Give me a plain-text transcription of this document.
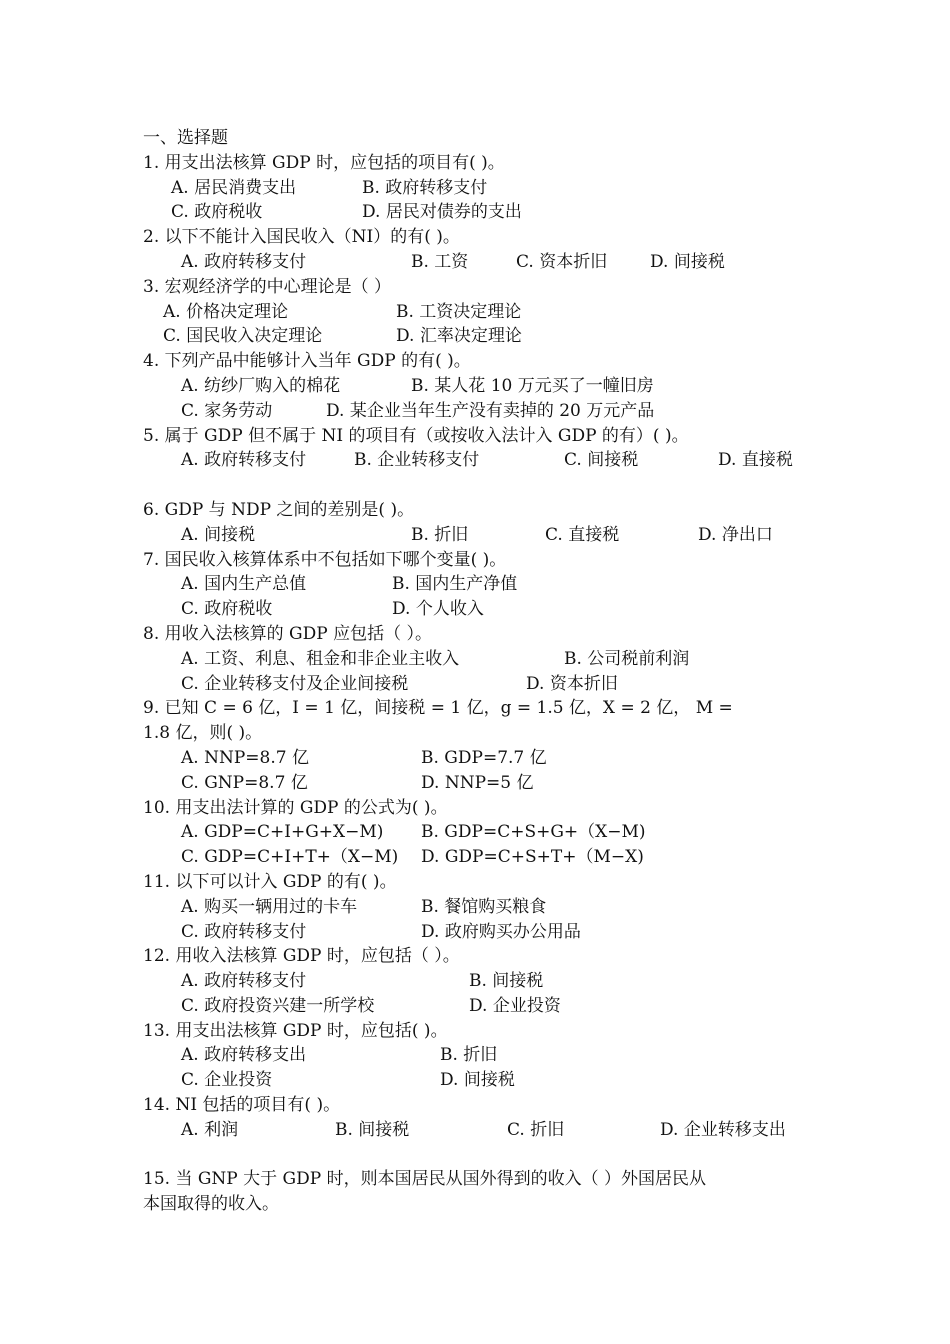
一、选择题
1. 用支出法核算 GDP 时，应包括的项目有( )。
A. 居民消费支出	B. 政府转移支付
C. 政府税收	D. 居民对债券的支出
2. 以下不能计入国民收入（NI）的有( )。
A. 政府转移支付	B. 工资	C. 资本折旧	D. 间接税
3. 宏观经济学的中心理论是（ ）
A. 价格决定理论	B. 工资决定理论
C. 国民收入决定理论	D. 汇率决定理论
4. 下列产品中能够计入当年 GDP 的有( )。
A. 纺纱厂购入的棉花	B. 某人花 10 万元买了一幢旧房
C. 家务劳动	D. 某企业当年生产没有卖掉的 20 万元产品
5. 属于 GDP 但不属于 NI 的项目有（或按收入法计入 GDP 的有）( )。
A. 政府转移支付	B. 企业转移支付	C. 间接税	D. 直接税
6. GDP 与 NDP 之间的差别是( )。
A. 间接税	B. 折旧	C. 直接税	D. 净出口
7. 国民收入核算体系中不包括如下哪个变量( )。
A. 国内生产总值	B. 国内生产净值
C. 政府税收	D. 个人收入
8. 用收入法核算的 GDP 应包括（ ）。
A. 工资、利息、租金和非企业主收入	B. 公司税前利润
C. 企业转移支付及企业间接税	D. 资本折旧
9. 已知 C = 6 亿，I = 1 亿，间接税 = 1 亿，g = 1.5 亿，X = 2 亿， M =
1.8 亿，则( )。
A. NNP=8.7 亿	B. GDP=7.7 亿
C. GNP=8.7 亿	D. NNP=5 亿
10. 用支出法计算的 GDP 的公式为( )。
A. GDP=C+I+G+X−M) B. GDP=C+S+G+（X−M)
C. GDP=C+I+T+（X−M) D. GDP=C+S+T+（M−X)
11. 以下可以计入 GDP 的有( )。
A. 购买一辆用过的卡车	B. 餐馆购买粮食
C. 政府转移支付	D. 政府购买办公用品
12. 用收入法核算 GDP 时，应包括（ ）。
A. 政府转移支付	B. 间接税
C. 政府投资兴建一所学校	D. 企业投资
13. 用支出法核算 GDP 时，应包括( )。
A. 政府转移支出	B. 折旧
C. 企业投资	D. 间接税
14. NI 包括的项目有( )。
A. 利润	B. 间接税	C. 折旧	D. 企业转移支出
15. 当 GNP 大于 GDP 时，则本国居民从国外得到的收入（ ）外国居民从
本国取得的收入。
